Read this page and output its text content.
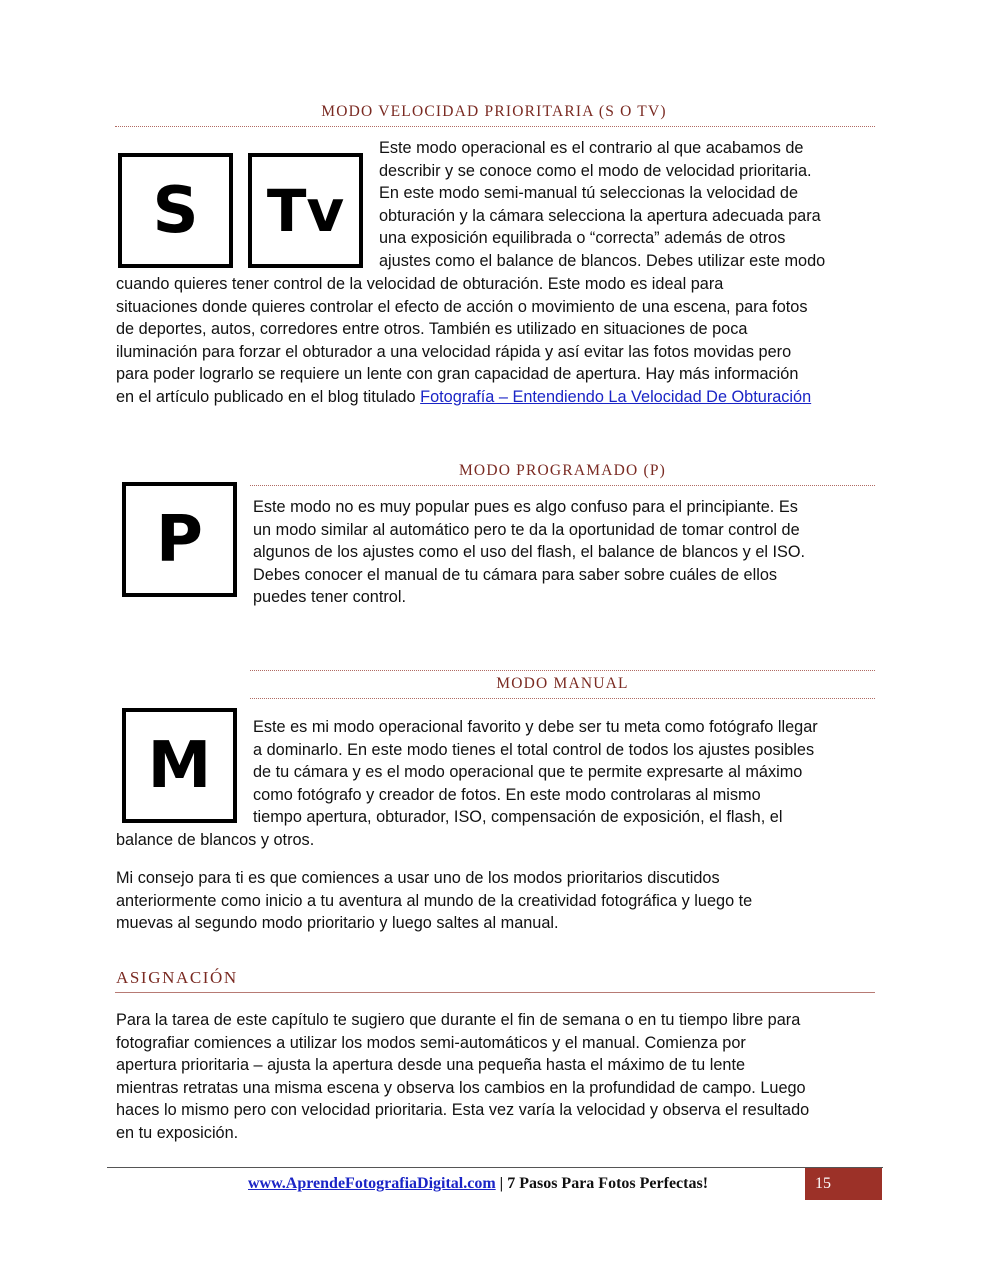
MODO VELOCIDAD PRIORITARIA (S O TV)
S Tv

Este modo operacional es el contrario al que acabamos de

describir y se conoce como el modo de velocidad prioritaria.

En este modo semi-manual tú seleccionas la velocidad de

obturación y la cámara selecciona la apertura adecuada para

una exposición equilibrada o “correcta” además de otros

ajustes como el balance de blancos. Debes utilizar este modo

cuando quieres tener control de la velocidad de obturación. Este modo es ideal para

situaciones donde quieres controlar el efecto de acción o movimiento de una escena, para fotos

de deportes, autos, corredores entre otros. También es utilizado en situaciones de poca

iluminación para forzar el obturador a una velocidad rápida y así evitar las fotos movidas pero

para poder lograrlo se requiere un lente con gran capacidad de apertura. Hay más información

en el artículo publicado en el blog titulado Fotografía – Entendiendo La Velocidad De Obturación

MODO PROGRAMADO (P)
P	Este modo no es muy popular pues es algo confuso para el principiante. Es

un modo similar al automático pero te da la oportunidad de tomar control de

algunos de los ajustes como el uso del flash, el balance de blancos y el ISO.

Debes conocer el manual de tu cámara para saber sobre cuáles de ellos

puedes tener control.

MODO MANUAL
M

Este es mi modo operacional favorito y debe ser tu meta como fotógrafo llegar

a dominarlo. En este modo tienes el total control de todos los ajustes posibles

de tu cámara y es el modo operacional que te permite expresarte al máximo

como fotógrafo y creador de fotos. En este modo controlaras al mismo

tiempo apertura, obturador, ISO, compensación de exposición, el flash, el

balance de blancos y otros.

Mi consejo para ti es que comiences a usar uno de los modos prioritarios discutidos

anteriormente como inicio a tu aventura al mundo de la creatividad fotográfica y luego te

muevas al segundo modo prioritario y luego saltes al manual.

ASIGNACIÓN

Para la tarea de este capítulo te sugiero que durante el fin de semana o en tu tiempo libre para

fotografiar comiences a utilizar los modos semi-automáticos y el manual. Comienza por

apertura prioritaria – ajusta la apertura desde una pequeña hasta el máximo de tu lente

mientras retratas una misma escena y observa los cambios en la profundidad de campo. Luego

haces lo mismo pero con velocidad prioritaria. Esta vez varía la velocidad y observa el resultado

en tu exposición.

www.AprendeFotografiaDigital.com | 7 Pasos Para Fotos Perfectas!	15
